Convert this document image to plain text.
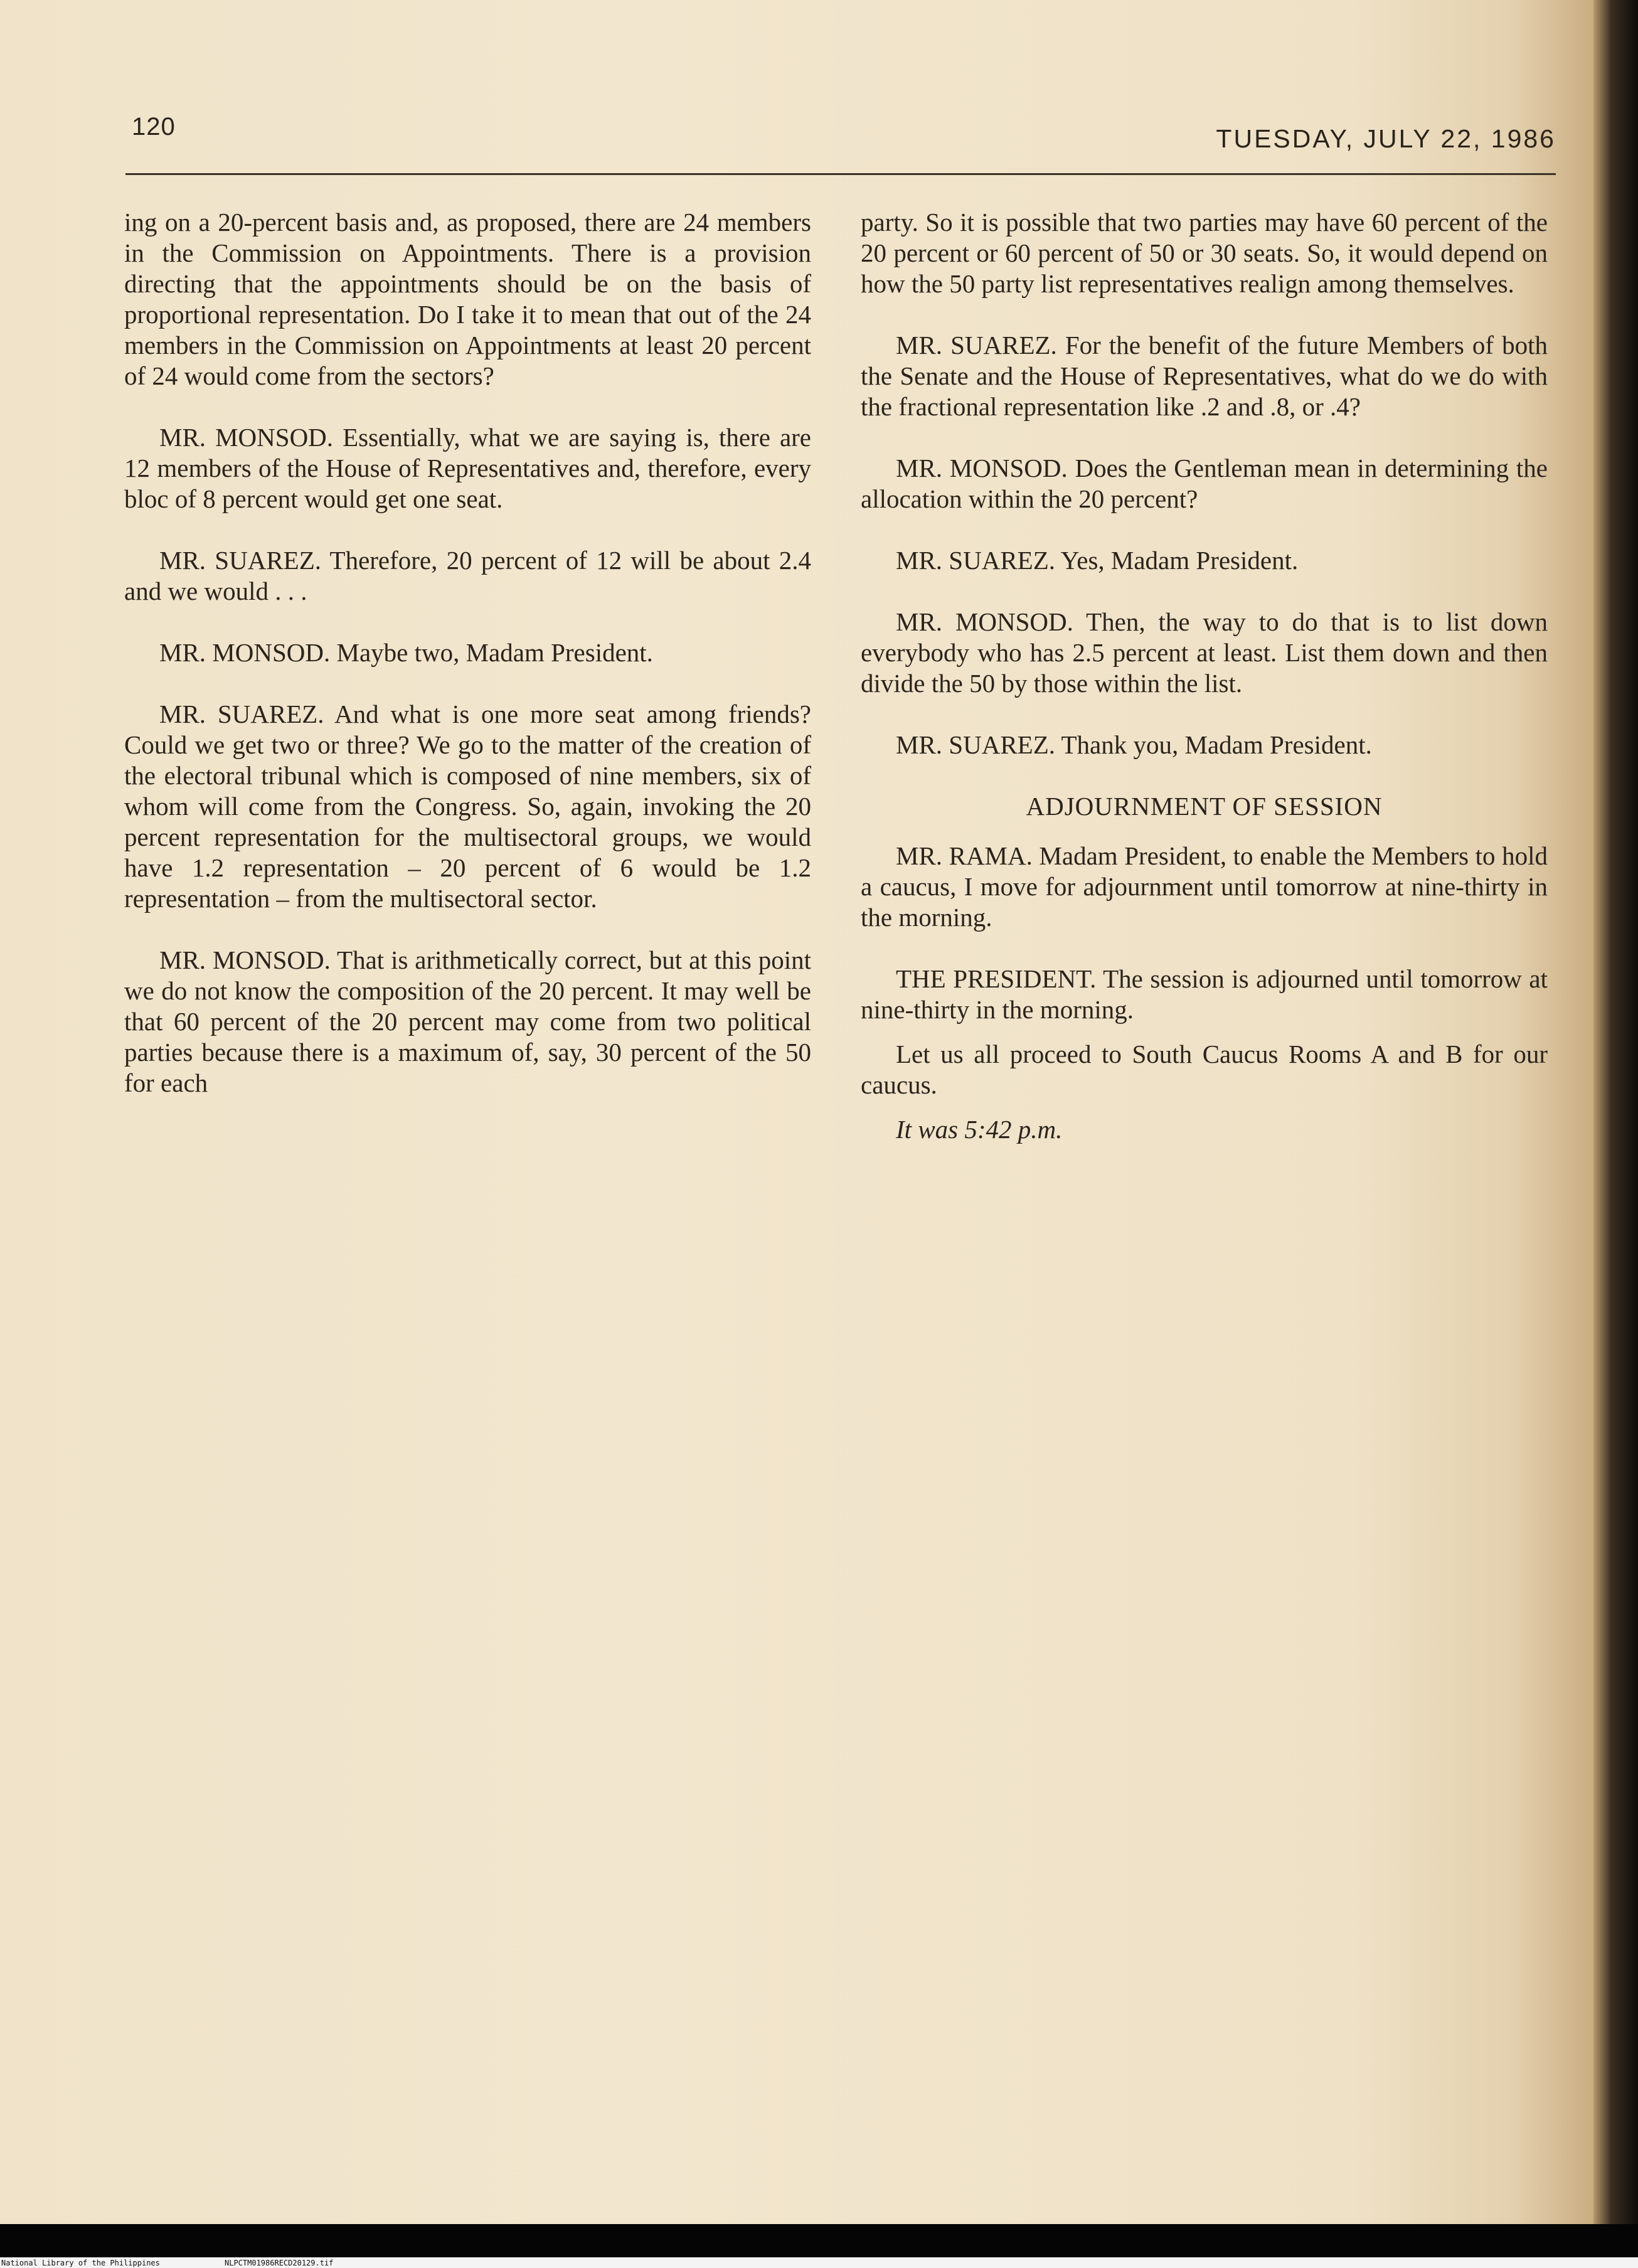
120	TUESDAY, JULY 22, 1986

ing on a 20-percent basis and, as proposed, there are 24 members in the Commission on Appointments. There is a provision directing that the appointments should be on the basis of proportional representation. Do I take it to mean that out of the 24 members in the Commission on Appointments at least 20 percent of 24 would come from the sectors?

MR. MONSOD. Essentially, what we are saying is, there are 12 members of the House of Representatives and, therefore, every bloc of 8 percent would get one seat.

MR. SUAREZ. Therefore, 20 percent of 12 will be about 2.4 and we would . . .

MR. MONSOD. Maybe two, Madam President.

MR. SUAREZ. And what is one more seat among friends? Could we get two or three? We go to the matter of the creation of the electoral tribunal which is composed of nine members, six of whom will come from the Congress. So, again, invoking the 20 percent representation for the multisectoral groups, we would have 1.2 representation – 20 percent of 6 would be 1.2 representation – from the multisectoral sector.

MR. MONSOD. That is arithmetically correct, but at this point we do not know the composition of the 20 percent. It may well be that 60 percent of the 20 percent may come from two political parties because there is a maximum of, say, 30 percent of the 50 for each

party. So it is possible that two parties may have 60 percent of the 20 percent or 60 percent of 50 or 30 seats. So, it would depend on how the 50 party list representatives realign among themselves.

MR. SUAREZ. For the benefit of the future Members of both the Senate and the House of Representatives, what do we do with the fractional representation like .2 and .8, or .4?

MR. MONSOD. Does the Gentleman mean in determining the allocation within the 20 percent?

MR. SUAREZ. Yes, Madam President.

MR. MONSOD. Then, the way to do that is to list down everybody who has 2.5 percent at least. List them down and then divide the 50 by those within the list.

MR. SUAREZ. Thank you, Madam President.

ADJOURNMENT OF SESSION

MR. RAMA. Madam President, to enable the Members to hold a caucus, I move for adjournment until tomorrow at nine-thirty in the morning.

THE PRESIDENT. The session is adjourned until tomorrow at nine-thirty in the morning.

Let us all proceed to South Caucus Rooms A and B for our caucus.

It was 5:42 p.m.

National Library of the Philippines	NLPCTM01986RECD20129.tif
